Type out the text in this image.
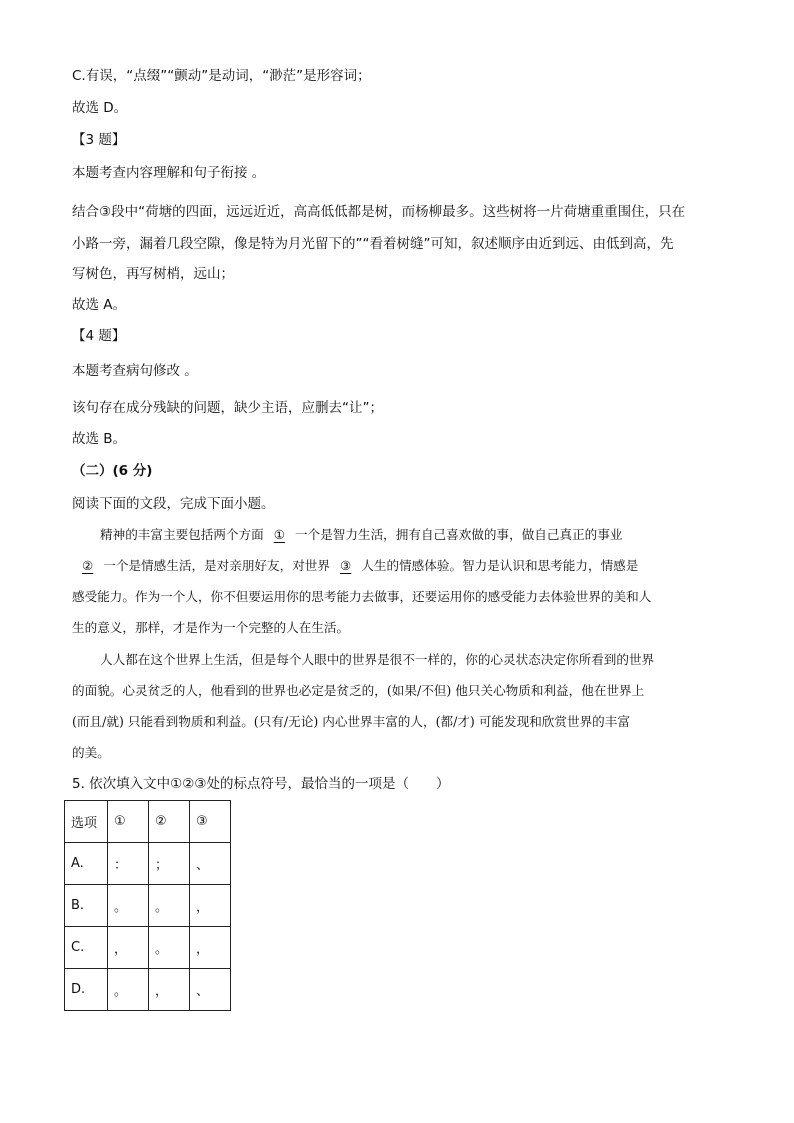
C.有误，“点缀”“颤动”是动词，“渺茫”是形容词；
故选 D。
【3 题】
本题考查内容理解和句子衔接 。
结合③段中“荷塘的四面，远远近近，高高低低都是树，而杨柳最多。这些树将一片荷塘重重围住，只在
小路一旁，漏着几段空隙，像是特为月光留下的”“看着树缝”可知，叙述顺序由近到远、由低到高，先
写树色，再写树梢，远山；
故选 A。
【4 题】
本题考查病句修改 。
该句存在成分残缺的问题，缺少主语，应删去“让”；
故选 B。
（二）(6 分)
阅读下面的文段，完成下面小题。
精神的丰富主要包括两个方面 ① 一个是智力生活，拥有自己喜欢做的事，做自己真正的事业
② 一个是情感生活，是对亲朋好友，对世界 ③ 人生的情感体验。智力是认识和思考能力，情感是
感受能力。作为一个人，你不但要运用你的思考能力去做事，还要运用你的感受能力去体验世界的美和人
生的意义，那样，才是作为一个完整的人在生活。
人人都在这个世界上生活，但是每个人眼中的世界是很不一样的，你的心灵状态决定你所看到的世界
的面貌。心灵贫乏的人，他看到的世界也必定是贫乏的，(如果/不但) 他只关心物质和利益，他在世界上
(而且/就) 只能看到物质和利益。(只有/无论) 内心世界丰富的人，(都/才) 可能发现和欣赏世界的丰富
的美。
5. 依次填入文中①②③处的标点符号，最恰当的一项是（　　）
选项	①	②	③
A.	：	；	、
B.	。	。	，
C.	，	。	，
D.	。	，	、
